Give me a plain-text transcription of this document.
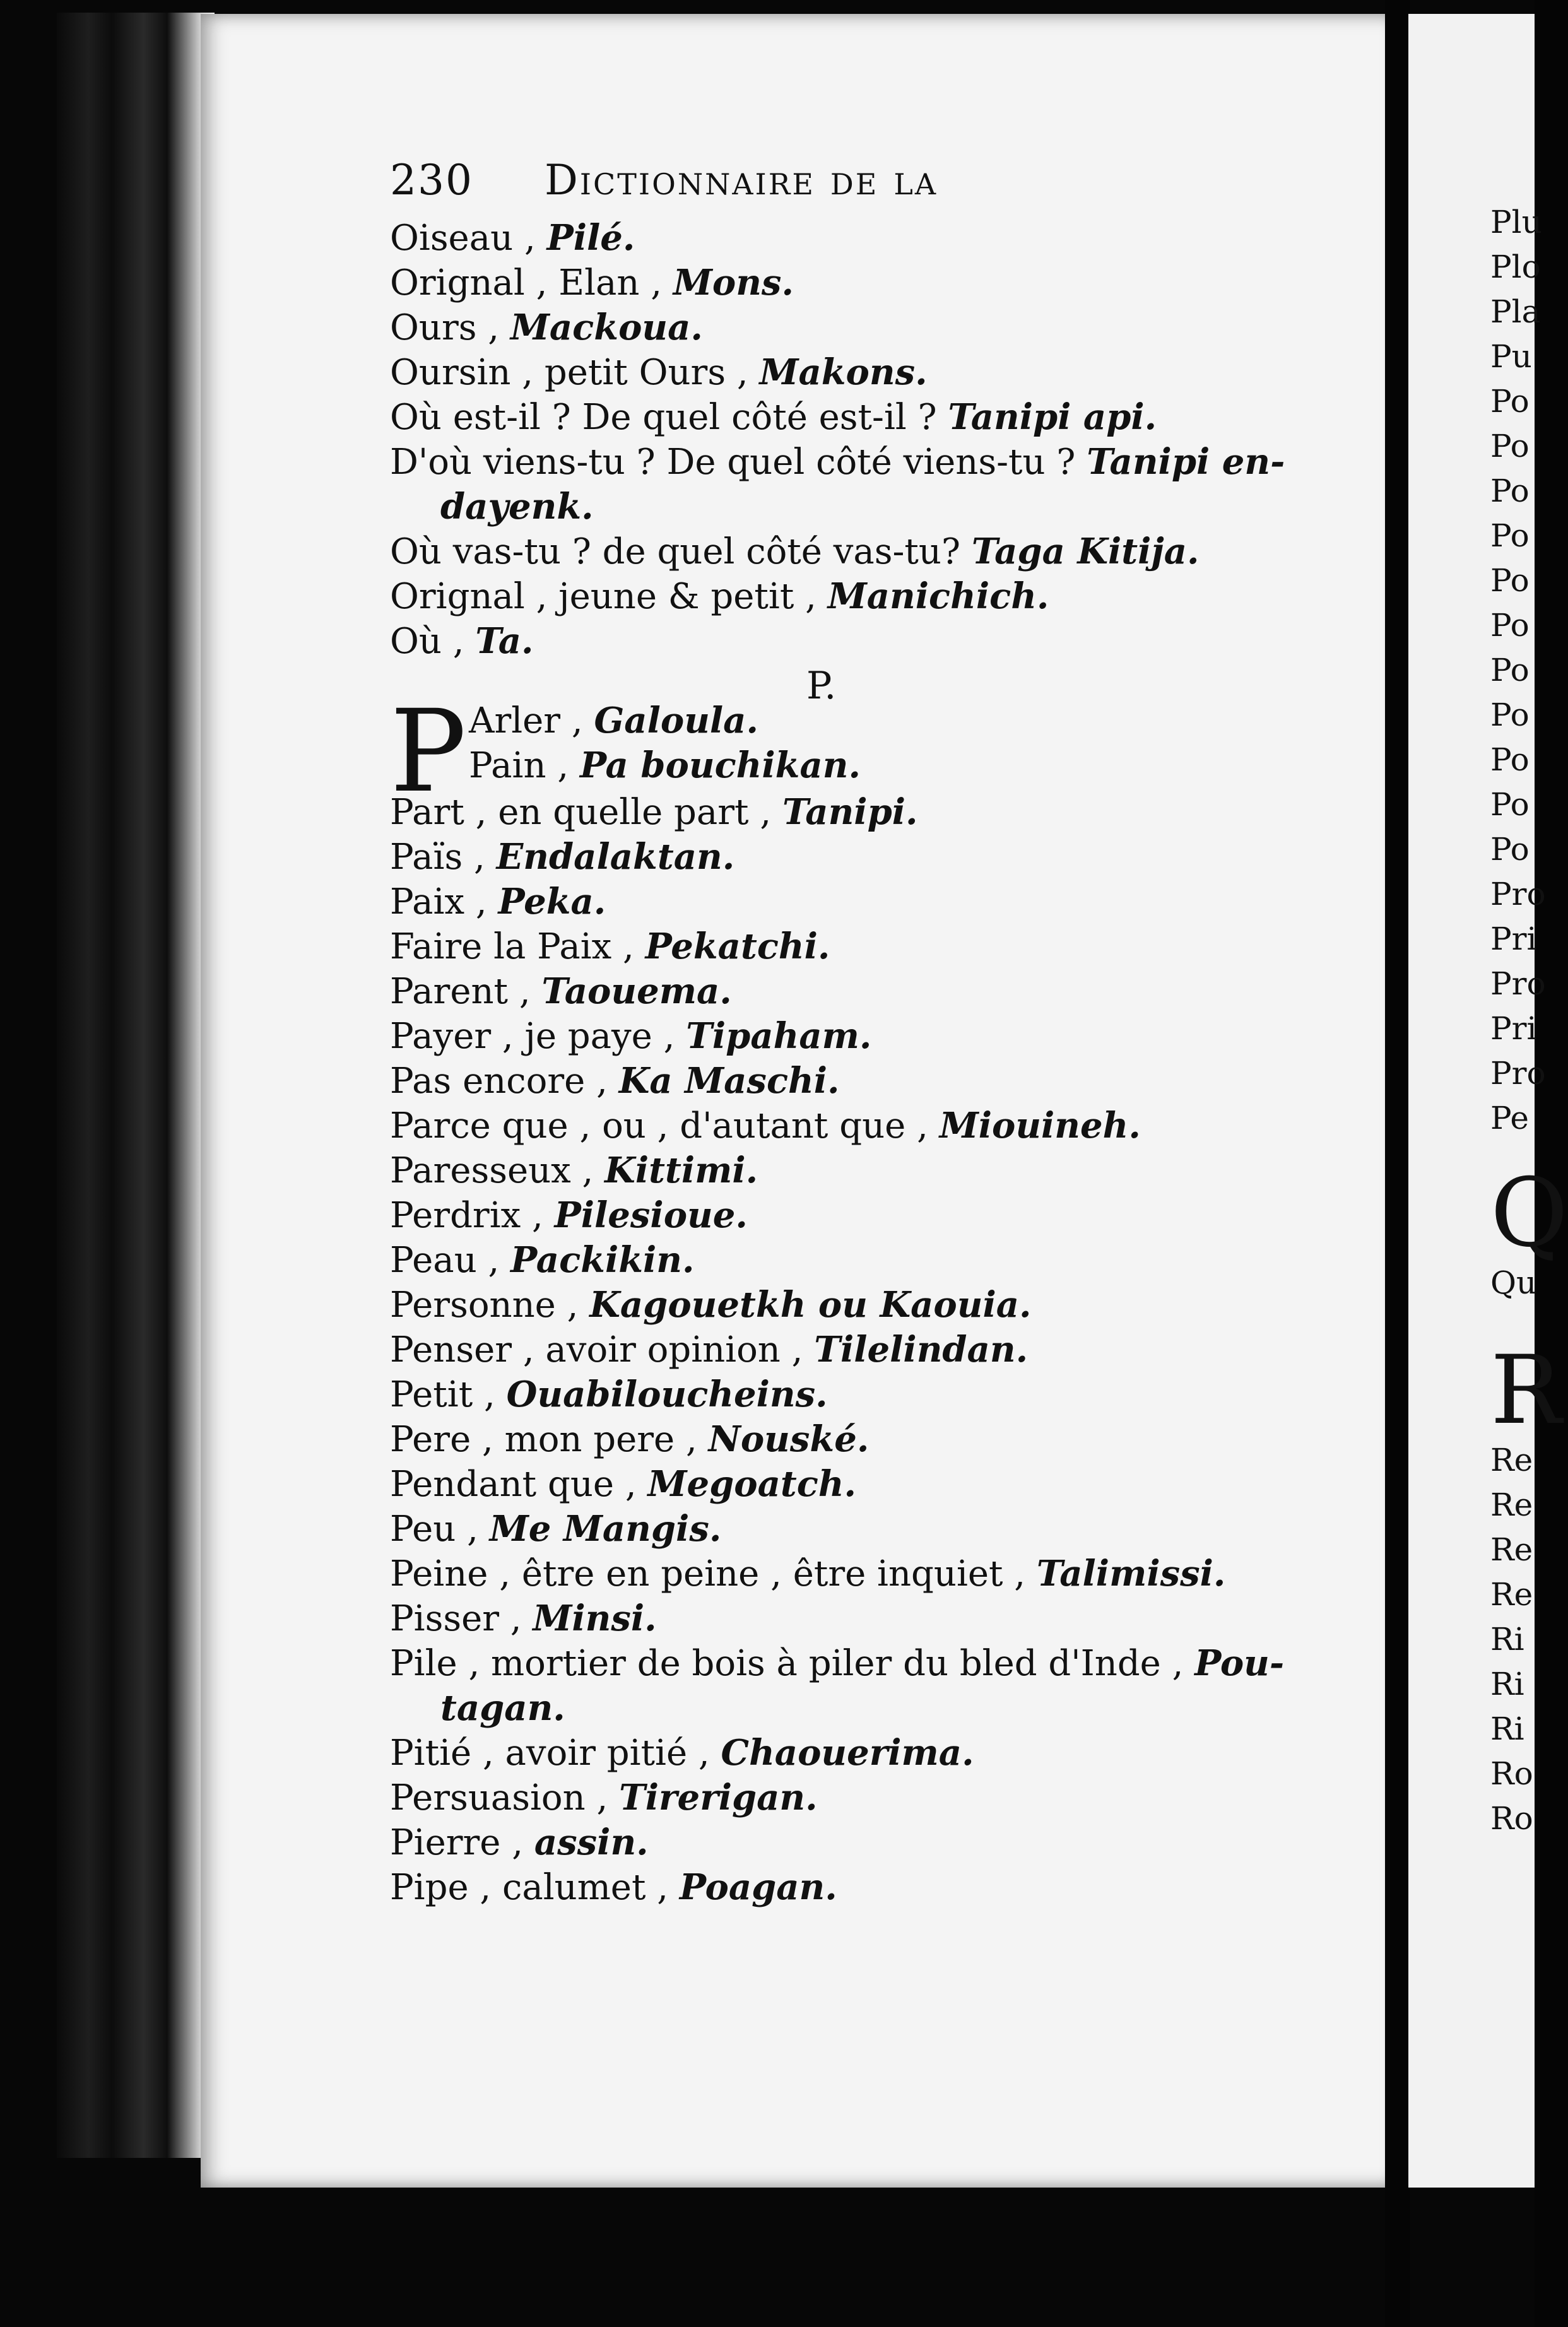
230 Dictionnaire de la
Oiseau , Pilé.
Orignal , Elan , Mons.
Ours , Mackoua.
Oursin , petit Ours , Makons.
Où est-il ? De quel côté est-il ? Tanipi api.
D'où viens-tu ? De quel côté viens-tu ? Tanipi en-
dayenk.
Où vas-tu ? de quel côté vas-tu? Taga Kitija.
Orignal , jeune & petit , Manichich.
Où , Ta.
P.
P Arler , Galoula.
Pain , Pa bouchikan.
Part , en quelle part , Tanipi.
Païs , Endalaktan.
Paix , Peka.
Faire la Paix , Pekatchi.
Parent , Taouema.
Payer , je paye , Tipaham.
Pas encore , Ka Maschi.
Parce que , ou , d'autant que , Miouineh.
Paresseux , Kittimi.
Perdrix , Pilesioue.
Peau , Packikin.
Personne , Kagouetkh ou Kaouia.
Penser , avoir opinion , Tilelindan.
Petit , Ouabiloucheins.
Pere , mon pere , Nouské.
Pendant que , Megoatch.
Peu , Me Mangis.
Peine , être en peine , être inquiet , Talimissi.
Pisser , Minsi.
Pile , mortier de bois à piler du bled d'Inde , Pou-
tagan.
Pitié , avoir pitié , Chaouerima.
Persuasion , Tirerigan.
Pierre , assin.
Pipe , calumet , Poagan.
Plu
Plo
Pla
Pu
Po
Po
Po
Po
Po
Po
Po
Po
Po
Po
Po
Pro
Pri
Pro
Pri
Pro
Pe
Q
Qu
R
Re
Re
Re
Re
Ri
Ri
Ri
Ro
Ro
